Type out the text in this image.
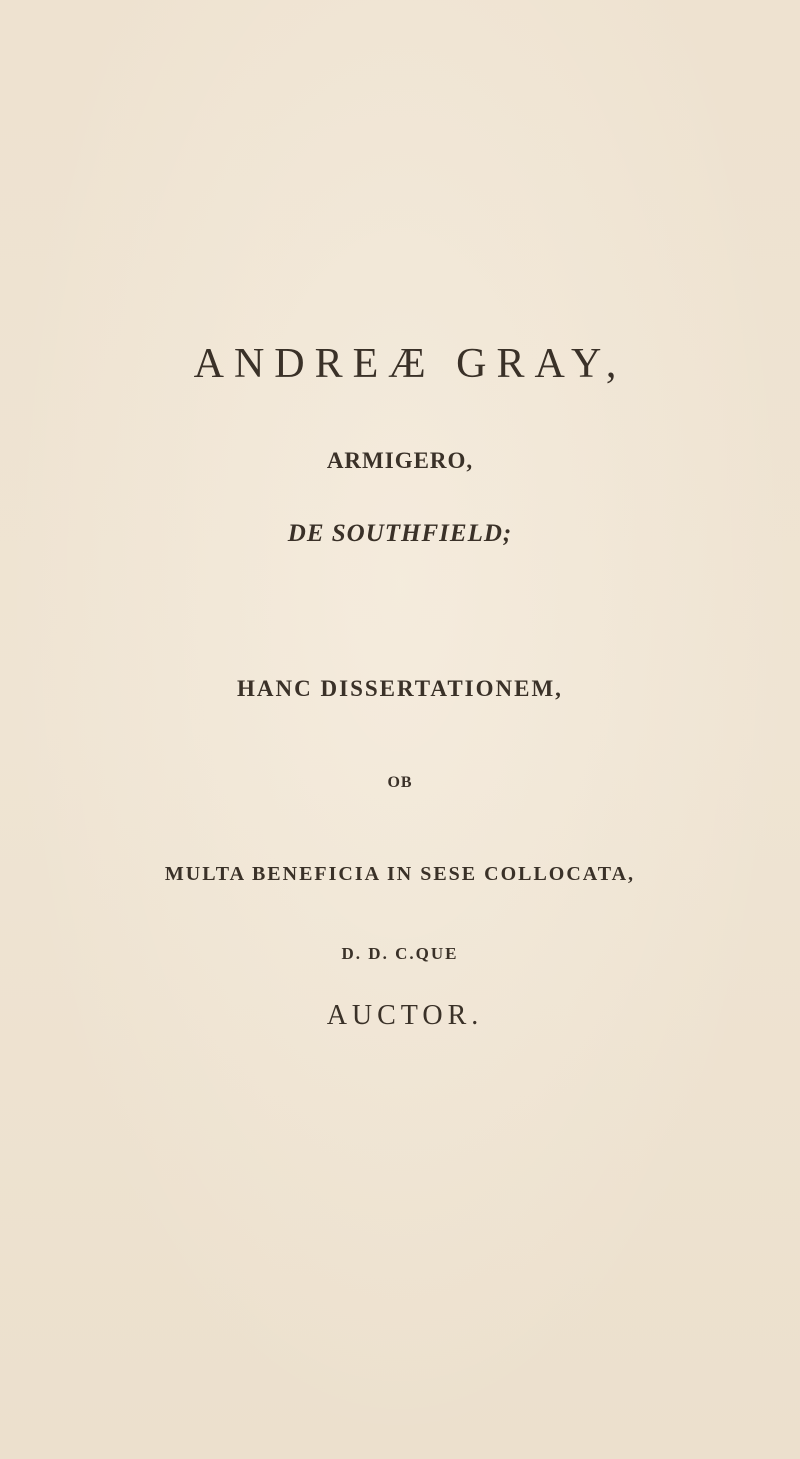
ANDREÆ GRAY,
ARMIGERO,
DE SOUTHFIELD;
HANC DISSERTATIONEM,
OB
MULTA BENEFICIA IN SESE COLLOCATA,
D. D. C.QUE
AUCTOR.
